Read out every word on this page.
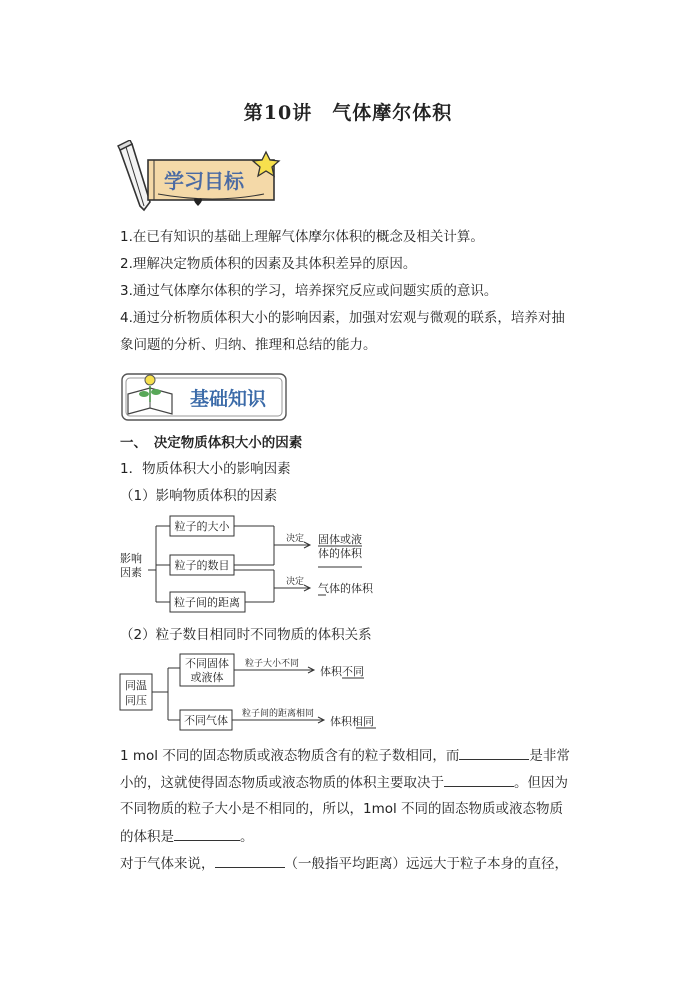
第10讲　气体摩尔体积
学习目标
1.在已有知识的基础上理解气体摩尔体积的概念及相关计算。
2.理解决定物质体积的因素及其体积差异的原因。
3.通过气体摩尔体积的学习，培养探究反应或问题实质的意识。
4.通过分析物质体积大小的影响因素，加强对宏观与微观的联系，培养对抽
象问题的分析、归纳、推理和总结的能力。
基础知识
一、　决定物质体积大小的因素
1．物质体积大小的影响因素
（1）影响物质体积的因素
影响
因素
粒子的大小
粒子的数目
粒子间的距离
决定 固体或液
体的体积
决定 气体的体积
（2）粒子数目相同时不同物质的体积关系
同温
同压
不同固体
或液体
粒子大小不同
体积不同
不同气体 粒子间的距离相同
体积相同
1 mol 不同的固态物质或液态物质含有的粒子数相同，而	是非常
小的，这就使得固态物质或液态物质的体积主要取决于	。但因为
不同物质的粒子大小是不相同的，所以，1mol 不同的固态物质或液态物质
的体积是	。
对于气体来说，	（一般指平均距离）远远大于粒子本身的直径，
